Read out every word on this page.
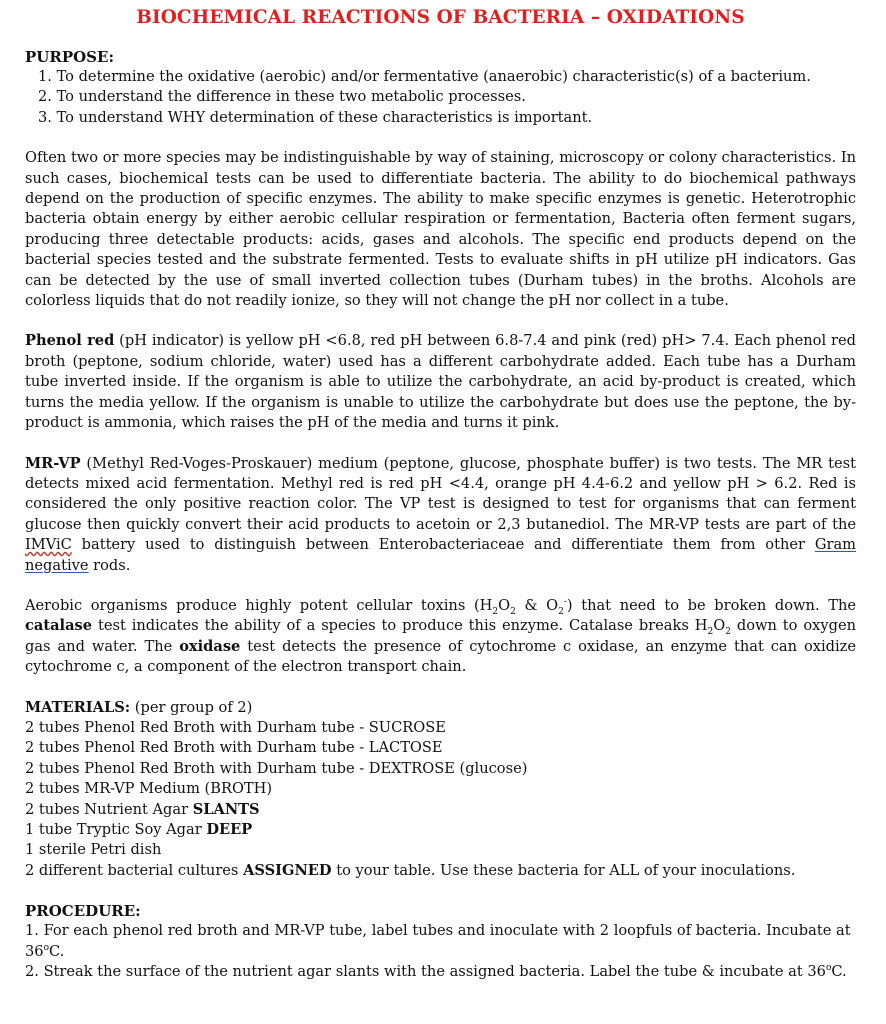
BIOCHEMICAL REACTIONS OF BACTERIA – OXIDATIONS

PURPOSE:

1. To determine the oxidative (aerobic) and/or fermentative (anaerobic) characteristic(s) of a bacterium.
2. To understand the difference in these two metabolic processes.
3. To understand WHY determination of these characteristics is important.

Often two or more species may be indistinguishable by way of staining, microscopy or colony characteristics. In such cases, biochemical tests can be used to differentiate bacteria. The ability to do biochemical pathways depend on the production of specific enzymes. The ability to make specific enzymes is genetic. Heterotrophic bacteria obtain energy by either aerobic cellular respiration or fermentation, Bacteria often ferment sugars, producing three detectable products: acids, gases and alcohols. The specific end products depend on the bacterial species tested and the substrate fermented. Tests to evaluate shifts in pH utilize pH indicators. Gas can be detected by the use of small inverted collection tubes (Durham tubes) in the broths. Alcohols are colorless liquids that do not readily ionize, so they will not change the pH nor collect in a tube.

Phenol red (pH indicator) is yellow pH <6.8, red pH between 6.8-7.4 and pink (red) pH> 7.4. Each phenol red broth (peptone, sodium chloride, water) used has a different carbohydrate added. Each tube has a Durham tube inverted inside. If the organism is able to utilize the carbohydrate, an acid by-product is created, which turns the media yellow. If the organism is unable to utilize the carbohydrate but does use the peptone, the by-product is ammonia, which raises the pH of the media and turns it pink.

MR-VP (Methyl Red-Voges-Proskauer) medium (peptone, glucose, phosphate buffer) is two tests. The MR test detects mixed acid fermentation. Methyl red is red pH <4.4, orange pH 4.4-6.2 and yellow pH > 6.2. Red is considered the only positive reaction color. The VP test is designed to test for organisms that can ferment glucose then quickly convert their acid products to acetoin or 2,3 butanediol. The MR-VP tests are part of the IMViC battery used to distinguish between Enterobacteriaceae and differentiate them from other Gram negative rods.

Aerobic organisms produce highly potent cellular toxins ($H_2O_2$ & $O_2^-$) that need to be broken down. The catalase test indicates the ability of a species to produce this enzyme. Catalase breaks $H_2O_2$ down to oxygen gas and water. The oxidase test detects the presence of cytochrome c oxidase, an enzyme that can oxidize cytochrome c, a component of the electron transport chain.

MATERIALS: (per group of 2)

2 tubes Phenol Red Broth with Durham tube - SUCROSE

2 tubes Phenol Red Broth with Durham tube - LACTOSE

2 tubes Phenol Red Broth with Durham tube - DEXTROSE (glucose)

2 tubes MR-VP Medium (BROTH)

2 tubes Nutrient Agar SLANTS

1 tube Tryptic Soy Agar DEEP

1 sterile Petri dish

2 different bacterial cultures ASSIGNED to your table. Use these bacteria for ALL of your inoculations.

PROCEDURE:

1. For each phenol red broth and MR-VP tube, label tubes and inoculate with 2 loopfuls of bacteria. Incubate at 36$^o$C.

2. Streak the surface of the nutrient agar slants with the assigned bacteria. Label the tube & incubate at 36$^o$C.
